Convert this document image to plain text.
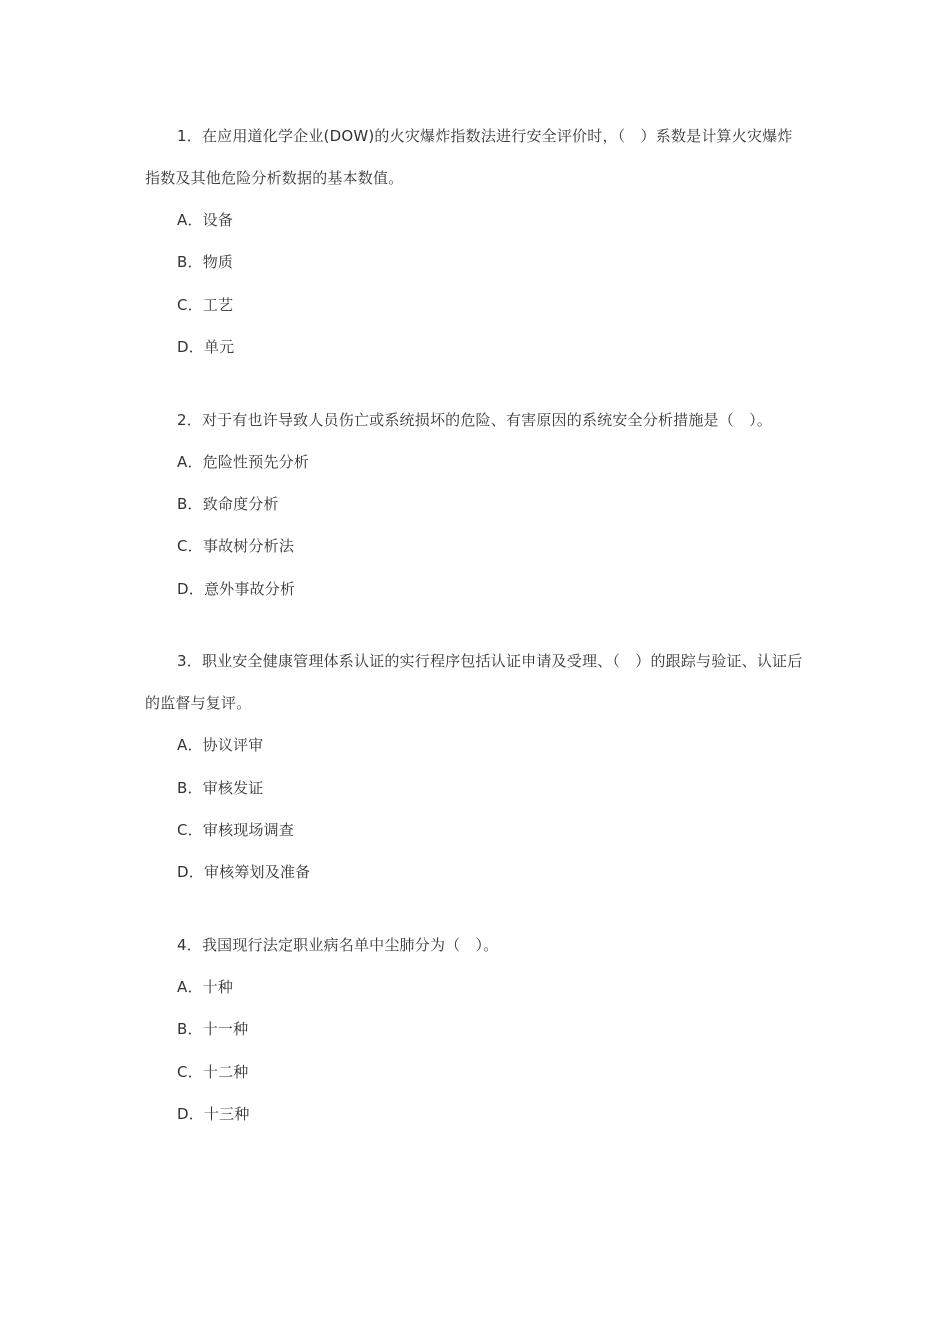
1．在应用道化学企业(DOW)的火灾爆炸指数法进行安全评价时，（　）系数是计算火灾爆炸指数及其他危险分析数据的基本数值。

A．设备
B．物质
C．工艺
D．单元

2．对于有也许导致人员伤亡或系统损坏的危险、有害原因的系统安全分析措施是（　）。

A．危险性预先分析
B．致命度分析
C．事故树分析法
D．意外事故分析

3．职业安全健康管理体系认证的实行程序包括认证申请及受理、（　）的跟踪与验证、认证后的监督与复评。

A．协议评审
B．审核发证
C．审核现场调查
D．审核筹划及准备

4．我国现行法定职业病名单中尘肺分为（　）。

A．十种
B．十一种
C．十二种
D．十三种
